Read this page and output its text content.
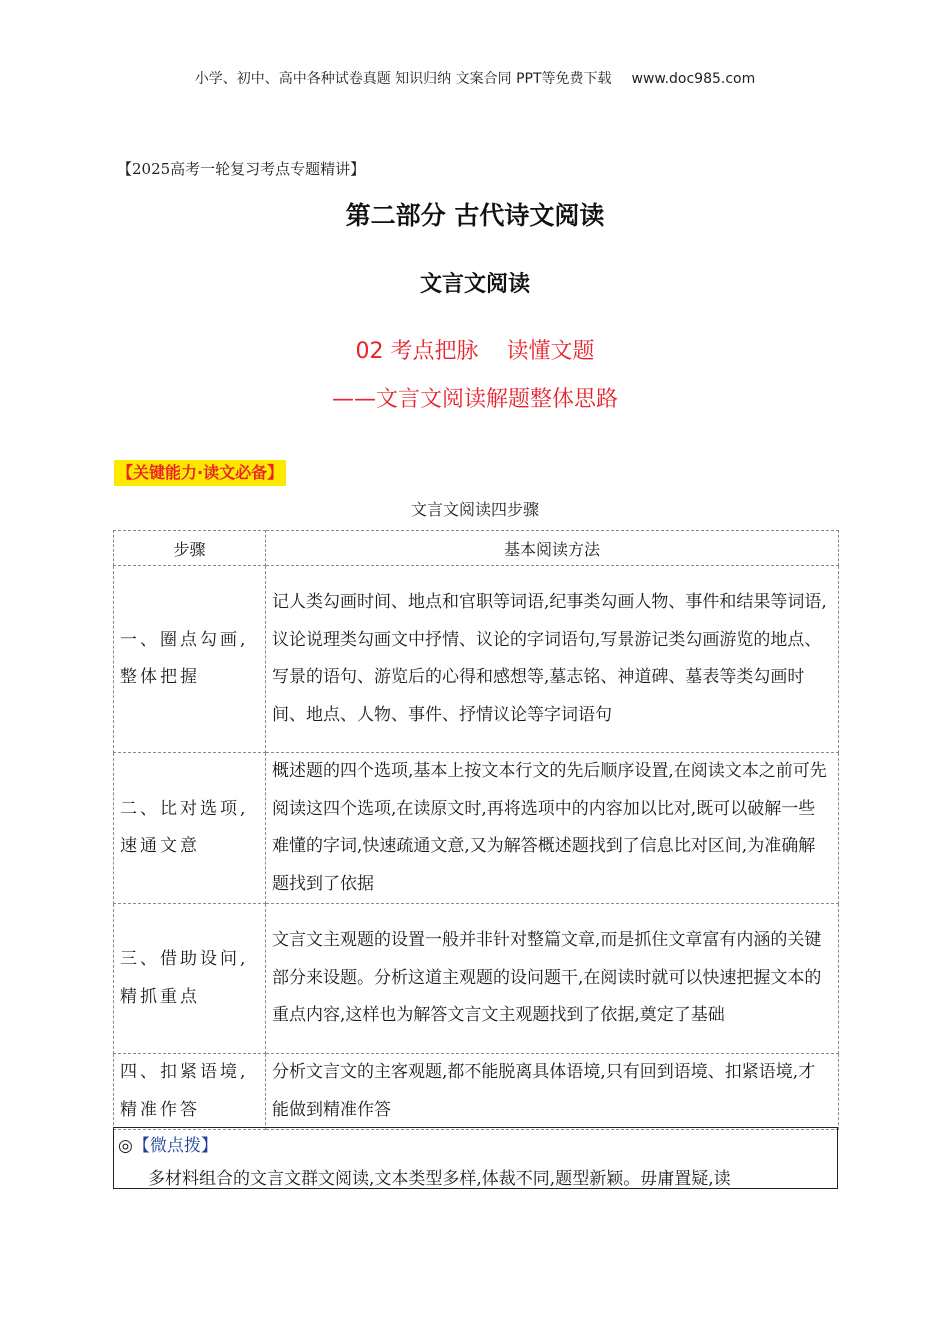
小学、初中、高中各种试卷真题 知识归纳 文案合同 PPT等免费下载 www.doc985.com
【2025高考一轮复习考点专题精讲】
第二部分 古代诗文阅读
文言文阅读
02 考点把脉    读懂文题
——文言文阅读解题整体思路
【关键能力·读文必备】
文言文阅读四步骤
步骤	基本阅读方法
一、圈点勾画,整体把握	记人类勾画时间、地点和官职等词语,纪事类勾画人物、事件和结果等词语,议论说理类勾画文中抒情、议论的字词语句,写景游记类勾画游览的地点、写景的语句、游览后的心得和感想等,墓志铭、神道碑、墓表等类勾画时间、地点、人物、事件、抒情议论等字词语句
二、比对选项,速通文意	概述题的四个选项,基本上按文本行文的先后顺序设置,在阅读文本之前可先阅读这四个选项,在读原文时,再将选项中的内容加以比对,既可以破解一些难懂的字词,快速疏通文意,又为解答概述题找到了信息比对区间,为准确解题找到了依据
三、借助设问,精抓重点	文言文主观题的设置一般并非针对整篇文章,而是抓住文章富有内涵的关键部分来设题。分析这道主观题的设问题干,在阅读时就可以快速把握文本的重点内容,这样也为解答文言文主观题找到了依据,奠定了基础
四、扣紧语境,精准作答	分析文言文的主客观题,都不能脱离具体语境,只有回到语境、扣紧语境,才能做到精准作答
◎【微点拨】
多材料组合的文言文群文阅读,文本类型多样,体裁不同,题型新颖。毋庸置疑,读
